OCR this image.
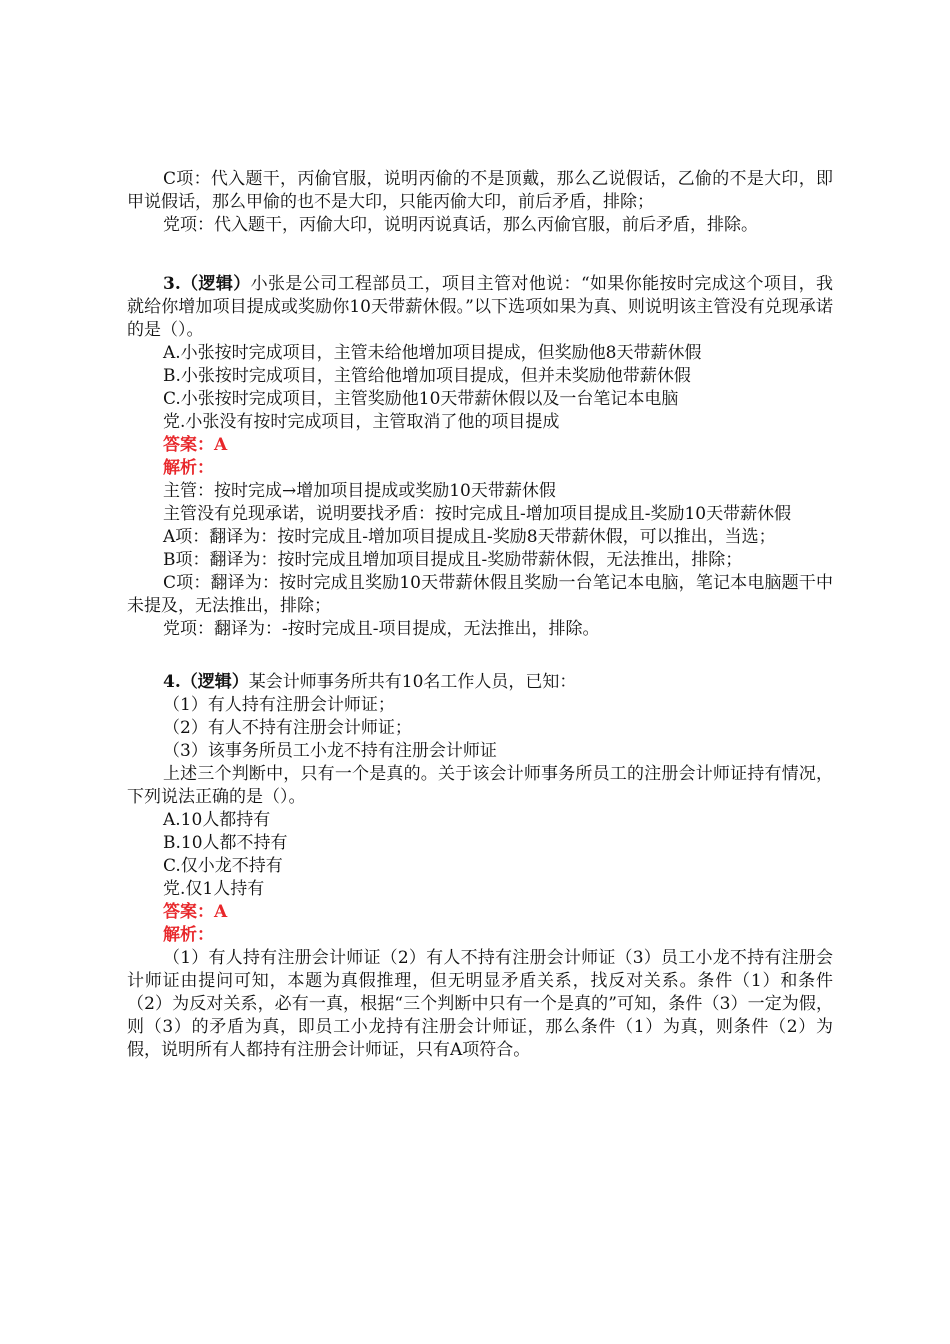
C项：代入题干，丙偷官服，说明丙偷的不是顶戴，那么乙说假话，乙偷的不是大印，即甲说假话，那么甲偷的也不是大印，只能丙偷大印，前后矛盾，排除；

党项：代入题干，丙偷大印，说明丙说真话，那么丙偷官服，前后矛盾，排除。

3.（逻辑）小张是公司工程部员工，项目主管对他说：“如果你能按时完成这个项目，我就给你增加项目提成或奖励你10天带薪休假。”以下选项如果为真、则说明该主管没有兑现承诺的是（）。

A.小张按时完成项目，主管未给他增加项目提成，但奖励他8天带薪休假

B.小张按时完成项目，主管给他增加项目提成，但并未奖励他带薪休假

C.小张按时完成项目，主管奖励他10天带薪休假以及一台笔记本电脑

党.小张没有按时完成项目，主管取消了他的项目提成

答案：A

解析：

主管：按时完成→增加项目提成或奖励10天带薪休假

主管没有兑现承诺，说明要找矛盾：按时完成且-增加项目提成且-奖励10天带薪休假

A项：翻译为：按时完成且-增加项目提成且-奖励8天带薪休假，可以推出，当选；

B项：翻译为：按时完成且增加项目提成且-奖励带薪休假，无法推出，排除；

C项：翻译为：按时完成且奖励10天带薪休假且奖励一台笔记本电脑，笔记本电脑题干中未提及，无法推出，排除；

党项：翻译为：-按时完成且-项目提成，无法推出，排除。

4.（逻辑）某会计师事务所共有10名工作人员，已知：

（1）有人持有注册会计师证；

（2）有人不持有注册会计师证；

（3）该事务所员工小龙不持有注册会计师证

上述三个判断中，只有一个是真的。关于该会计师事务所员工的注册会计师证持有情况，下列说法正确的是（）。

A.10人都持有

B.10人都不持有

C.仅小龙不持有

党.仅1人持有

答案：A

解析：

（1）有人持有注册会计师证（2）有人不持有注册会计师证（3）员工小龙不持有注册会计师证由提问可知，本题为真假推理，但无明显矛盾关系，找反对关系。条件（1）和条件（2）为反对关系，必有一真，根据“三个判断中只有一个是真的”可知，条件（3）一定为假，则（3）的矛盾为真，即员工小龙持有注册会计师证，那么条件（1）为真，则条件（2）为假，说明所有人都持有注册会计师证，只有A项符合。
